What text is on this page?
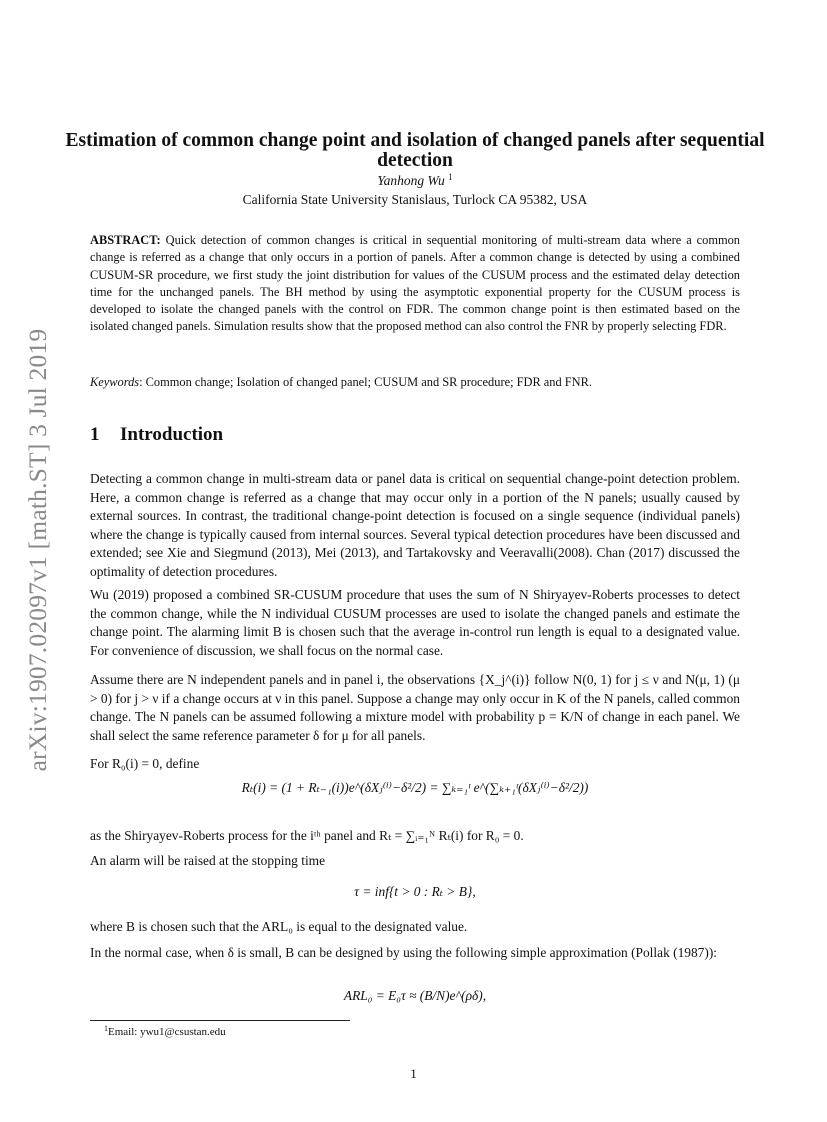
arXiv:1907.02097v1 [math.ST] 3 Jul 2019
Estimation of common change point and isolation of changed panels after sequential detection
Yanhong Wu $^1$
California State University Stanislaus, Turlock CA 95382, USA
ABSTRACT: Quick detection of common changes is critical in sequential monitoring of multi-stream data where a common change is referred as a change that only occurs in a portion of panels. After a common change is detected by using a combined CUSUM-SR procedure, we first study the joint distribution for values of the CUSUM process and the estimated delay detection time for the unchanged panels. The BH method by using the asymptotic exponential property for the CUSUM process is developed to isolate the changed panels with the control on FDR. The common change point is then estimated based on the isolated changed panels. Simulation results show that the proposed method can also control the FNR by properly selecting FDR.
Keywords: Common change; Isolation of changed panel; CUSUM and SR procedure; FDR and FNR.
1 Introduction
Detecting a common change in multi-stream data or panel data is critical on sequential change-point detection problem. Here, a common change is referred as a change that may occur only in a portion of the N panels; usually caused by external sources. In contrast, the traditional change-point detection is focused on a single sequence (individual panels) where the change is typically caused from internal sources. Several typical detection procedures have been discussed and extended; see Xie and Siegmund (2013), Mei (2013), and Tartakovsky and Veeravalli(2008). Chan (2017) discussed the optimality of detection procedures.
Wu (2019) proposed a combined SR-CUSUM procedure that uses the sum of N Shiryayev-Roberts processes to detect the common change, while the N individual CUSUM processes are used to isolate the changed panels and estimate the change point. The alarming limit B is chosen such that the average in-control run length is equal to a designated value. For convenience of discussion, we shall focus on the normal case.
Assume there are N independent panels and in panel i, the observations {X_j^(i)} follow N(0, 1) for j ≤ ν and N(μ, 1) (μ > 0) for j > ν if a change occurs at ν in this panel. Suppose a change may only occur in K of the N panels, called common change. The N panels can be assumed following a mixture model with probability p = K/N of change in each panel. We shall select the same reference parameter δ for μ for all panels.
For R₀(i) = 0, define
Rₜ(i) = (1 + Rₜ₋₁(i))e^(δXⱼ⁽ⁱ⁾−δ²/2) = ∑ₖ₌₁ᵗ e^(∑ₖ₊₁ᵗ(δXⱼ⁽ⁱ⁾−δ²/2))
as the Shiryayev-Roberts process for the iᵗʰ panel and Rₜ = ∑ᵢ₌₁ᴺ Rₜ(i) for R₀ = 0.
An alarm will be raised at the stopping time
τ = inf{t > 0 : Rₜ > B},
where B is chosen such that the ARL₀ is equal to the designated value.
In the normal case, when δ is small, B can be designed by using the following simple approximation (Pollak (1987)):
ARL₀ = E₀τ ≈ (B/N)e^(ρδ),
$^1$Email: ywu1@csustan.edu
1
